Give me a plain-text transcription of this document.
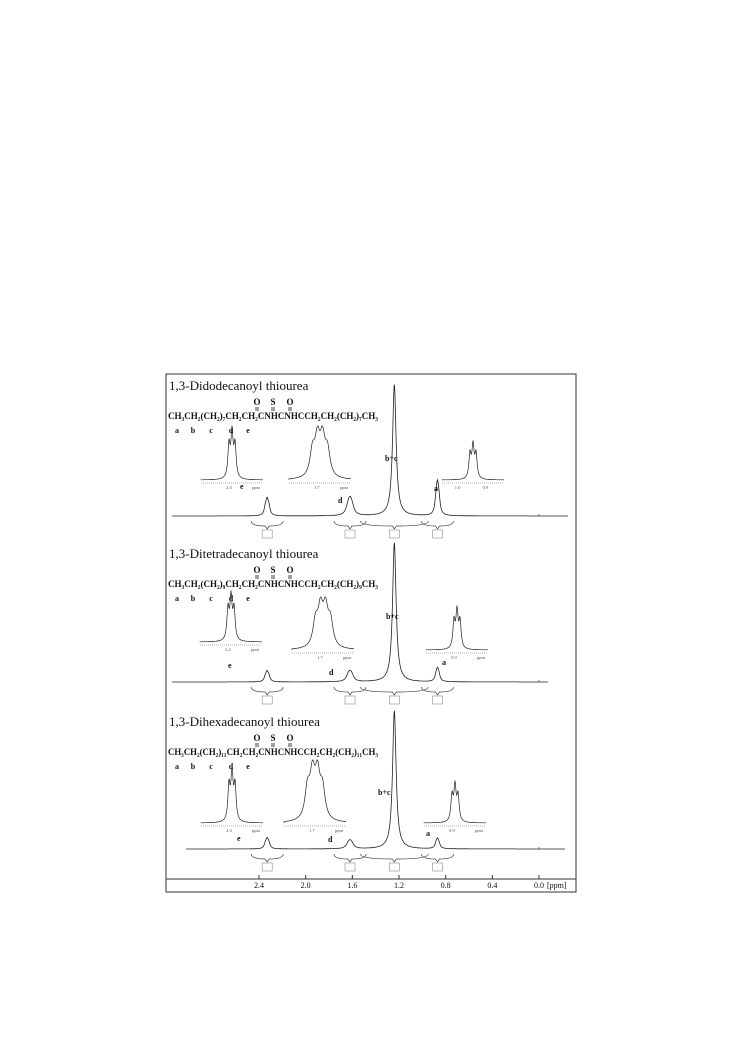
1,3-Didodecanoyl thiourea
CH₃CH₂(CH₂)₇CH₂CH₂CNHCNHCCH₂CH₂(CH₂)₇CH₃
O S O
a b c d e
e
d
b+c
a
2.4	ppm	1.7	ppm	1.0	0.9
1,3-Ditetradecanoyl thiourea
CH₃CH₂(CH₂)₉CH₂CH₂CNHCNHCCH₂CH₂(CH₂)₉CH₃
O S O
a b c d e
e
d
b+c
a
2.4	ppm
1.7	ppm	0.9	ppm
1,3-Dihexadecanoyl thiourea
CH₃CH₂(CH₂)₁₁CH₂CH₂CNHCNHCCH₂CH₂(CH₂)₁₁CH₃
O S O
a b c d e
e	d
b+c
a
2.4	ppm	1.7	ppm	0.9	ppm
2.4	2.0	1.6	1.2	0.8	0.4	0.0 [ppm]
